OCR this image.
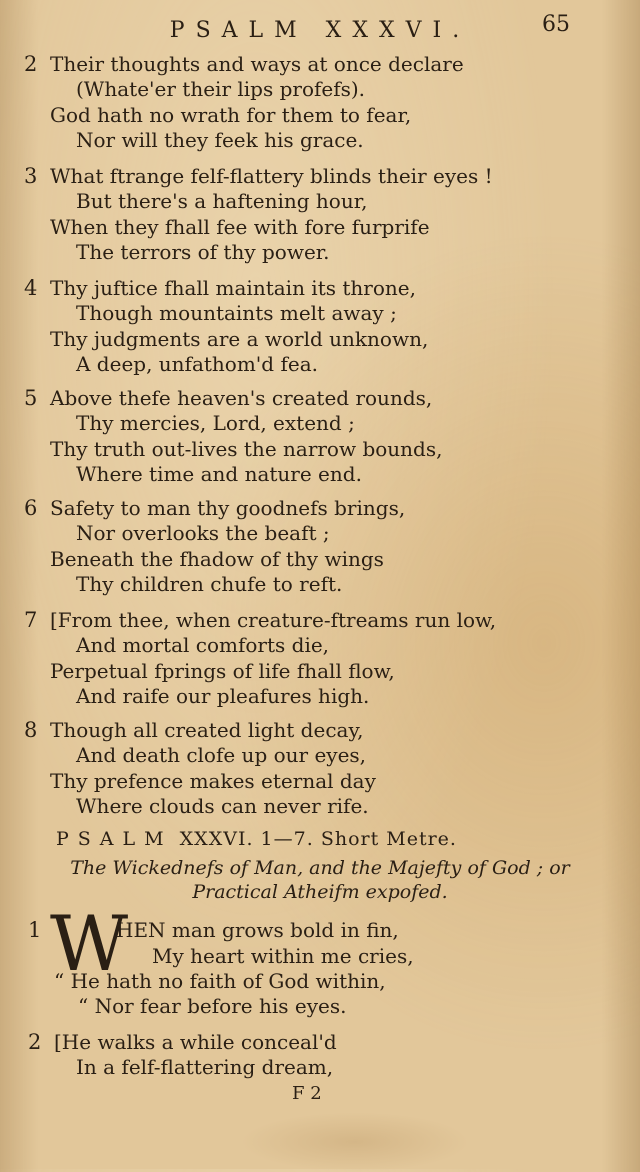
PSALM XXXVI.	65
2 Their thoughts and ways at once declare
(Whate'er their lips profefs).
God hath no wrath for them to fear,
Nor will they feek his grace.
3 What ftrange felf-flattery blinds their eyes !
But there's a haftening hour,
When they fhall fee with fore furprife
The terrors of thy power.
4 Thy juftice fhall maintain its throne,
Though mountaints melt away ;
Thy judgments are a world unknown,
A deep, unfathom'd fea.
5 Above thefe heaven's created rounds,
Thy mercies, Lord, extend ;
Thy truth out-lives the narrow bounds,
Where time and nature end.
6 Safety to man thy goodnefs brings,
Nor overlooks the beaft ;
Beneath the fhadow of thy wings
Thy children chufe to reft.
7 [From thee, when creature-ftreams run low,
And mortal comforts die,
Perpetual fprings of life fhall flow,
And raife our pleafures high.
8 Though all created light decay,
And death clofe up our eyes,
Thy prefence makes eternal day
Where clouds can never rife.
PSALM XXXVI. 1—7. Short Metre.
The Wickednefs of Man, and the Majefty of God ; or
Practical Atheifm expofed.
1 W
HEN man grows bold in fin,
My heart within me cries,
“ He hath no faith of God within,
“ Nor fear before his eyes.
2 [He walks a while conceal'd
In a felf-flattering dream,
F 2
